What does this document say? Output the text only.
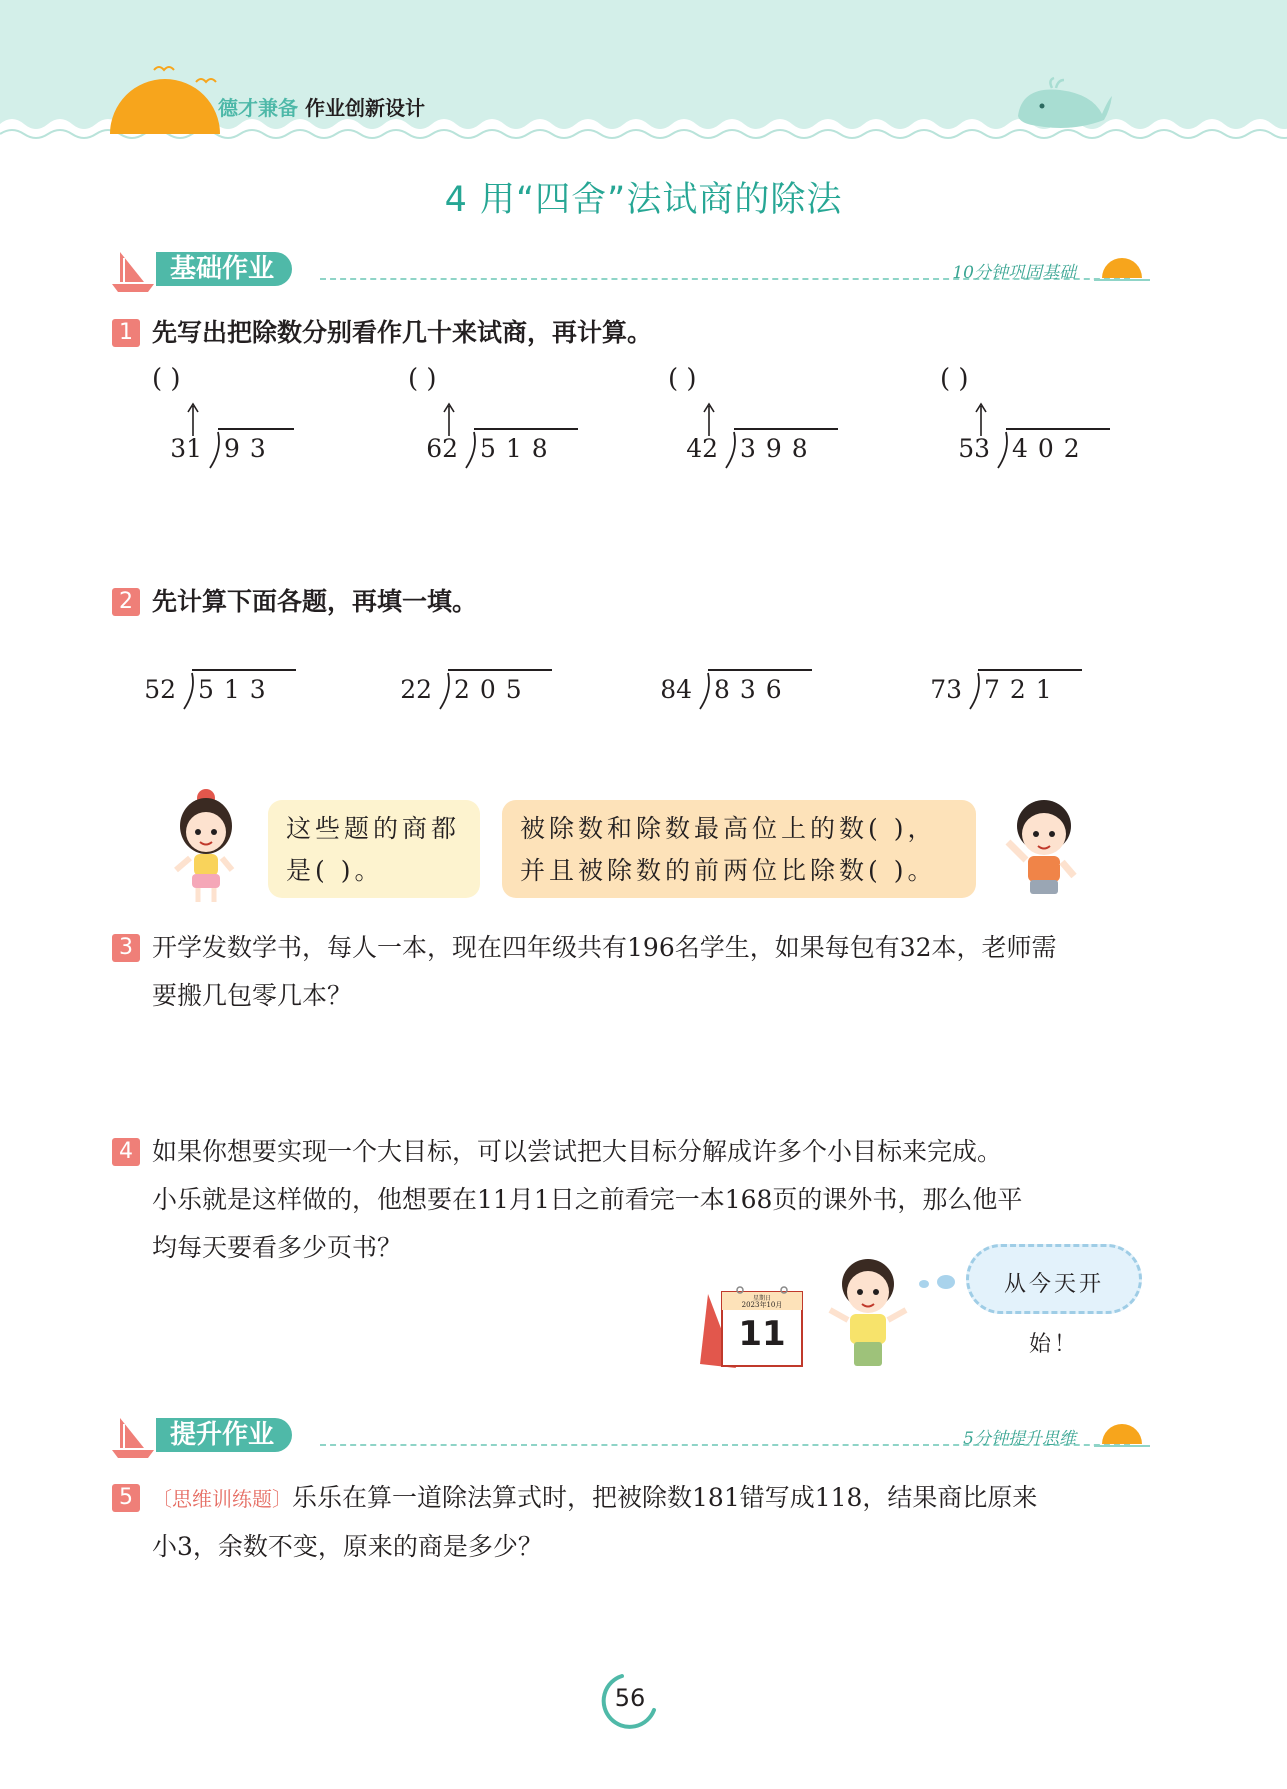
德才兼备 作业创新设计
4 用“四舍”法试商的除法
基础作业	10分钟巩固基础
1 先写出把除数分别看作几十来试商，再计算。
( )
31 93
( )
62 518
( )
42 398
( )
53 402
2 先计算下面各题，再填一填。
52 513	22 205	84 836	73 721
这些题的商都
是( )。
被除数和除数最高位上的数( )，
并且被除数的前两位比除数( )。
3 开学发数学书，每人一本，现在四年级共有196名学生，如果每包有32本，老师需
要搬几包零几本？
4 如果你想要实现一个大目标，可以尝试把大目标分解成许多个小目标来完成。
小乐就是这样做的，他想要在11月1日之前看完一本168页的课外书，那么他平
均每天要看多少页书？
星期日
2023年10月
11
从今天开始！
提升作业	5分钟提升思维
5 〔思维训练题〕乐乐在算一道除法算式时，把被除数181错写成118，结果商比原来
小3，余数不变，原来的商是多少？
56
